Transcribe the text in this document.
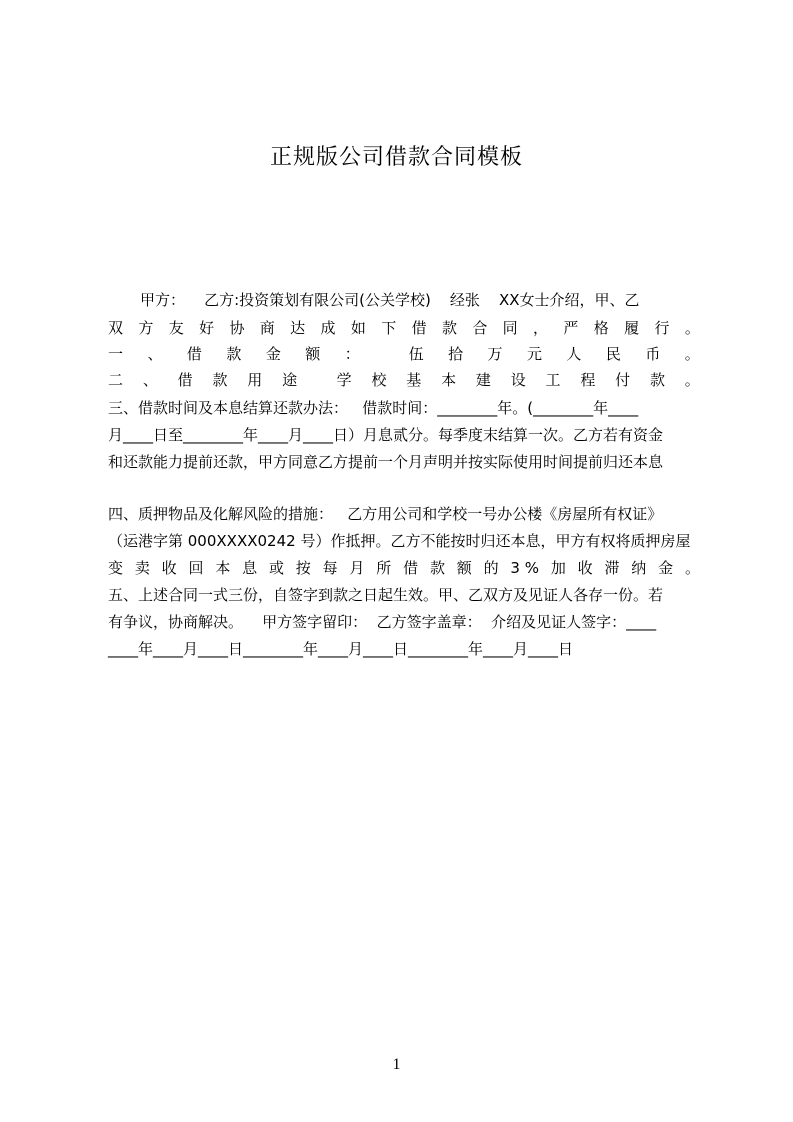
正规版公司借款合同模板
甲方：    乙方:投资策划有限公司(公关学校)    经张    XX女士介绍，甲、乙
双 方 友 好 协 商 达 成 如 下 借 款 合 同 ， 严 格 履 行 。
一 、 借 款 金 额 ：	伍 拾 万 元 人 民 币 。
二 、 借 款 用 途	学 校 基 本 建 设 工 程 付 款 。
三、借款时间及本息结算还款办法：   借款时间：________年。(________年____
月____日至________年____月____日）月息贰分。每季度末结算一次。乙方若有资金
和还款能力提前还款，甲方同意乙方提前一个月声明并按实际使用时间提前归还本息
四、质押物品及化解风险的措施：   乙方用公司和学校一号办公楼《房屋所有权证》
（运港字第 000XXXX0242 号）作抵押。乙方不能按时归还本息，甲方有权将质押房屋
变 卖 收 回 本 息 或 按 每 月 所 借 款 额 的 3 % 加 收 滞 纳 金 。
五、上述合同一式三份，自签字到款之日起生效。甲、乙双方及见证人各存一份。若
有争议，协商解决。    甲方签字留印：  乙方签字盖章：  介绍及见证人签字：____
____年____月____日________年____月____日________年____月____日
1
